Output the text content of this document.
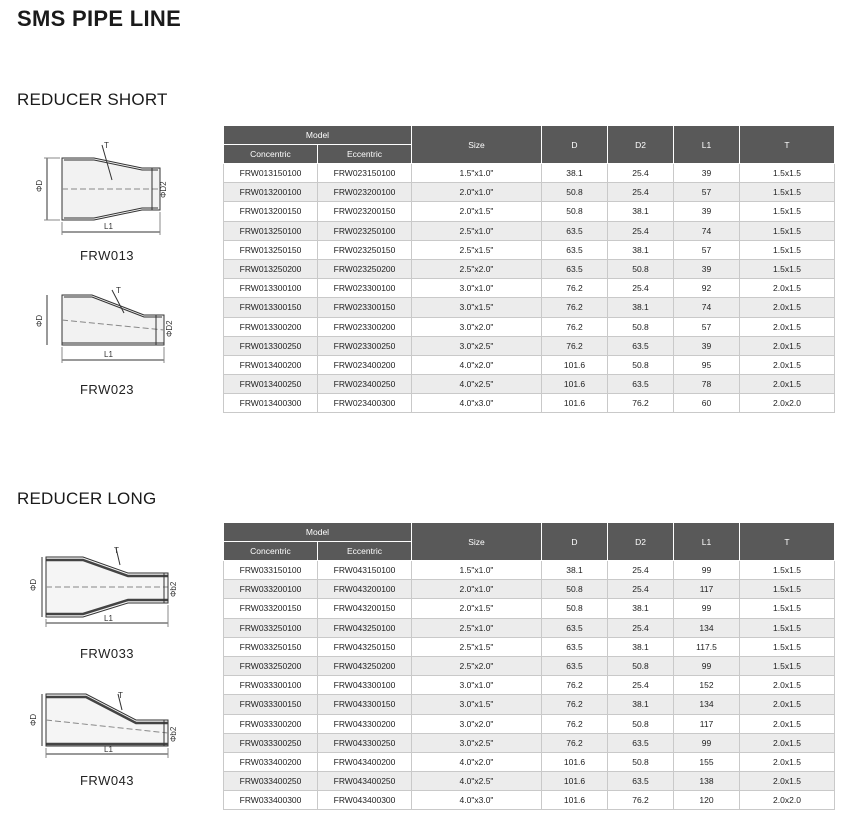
SMS PIPE LINE
REDUCER SHORT
ΦD	ΦD2
L1
T
FRW013
ΦD	ΦD2
L1
T
FRW023
Model		Size	D	D2	L1	T
Concentric	Eccentric					
FRW013150100	FRW023150100	1.5"x1.0"	38.1	25.4	39	1.5x1.5
FRW013200100	FRW023200100	2.0"x1.0"	50.8	25.4	57	1.5x1.5
FRW013200150	FRW023200150	2.0"x1.5"	50.8	38.1	39	1.5x1.5
FRW013250100	FRW023250100	2.5"x1.0"	63.5	25.4	74	1.5x1.5
FRW013250150	FRW023250150	2.5"x1.5"	63.5	38.1	57	1.5x1.5
FRW013250200	FRW023250200	2.5"x2.0"	63.5	50.8	39	1.5x1.5
FRW013300100	FRW023300100	3.0"x1.0"	76.2	25.4	92	2.0x1.5
FRW013300150	FRW023300150	3.0"x1.5"	76.2	38.1	74	2.0x1.5
FRW013300200	FRW023300200	3.0"x2.0"	76.2	50.8	57	2.0x1.5
FRW013300250	FRW023300250	3.0"x2.5"	76.2	63.5	39	2.0x1.5
FRW013400200	FRW023400200	4.0"x2.0"	101.6	50.8	95	2.0x1.5
FRW013400250	FRW023400250	4.0"x2.5"	101.6	63.5	78	2.0x1.5
FRW013400300	FRW023400300	4.0"x3.0"	101.6	76.2	60	2.0x2.0
REDUCER LONG
ΦD	Φb2
L1
T
FRW033
ΦD
Φb2
L1
T
FRW043
Model		Size	D	D2	L1	T
Concentric	Eccentric					
FRW033150100	FRW043150100	1.5"x1.0"	38.1	25.4	99	1.5x1.5
FRW033200100	FRW043200100	2.0"x1.0"	50.8	25.4	117	1.5x1.5
FRW033200150	FRW043200150	2.0"x1.5"	50.8	38.1	99	1.5x1.5
FRW033250100	FRW043250100	2.5"x1.0"	63.5	25.4	134	1.5x1.5
FRW033250150	FRW043250150	2.5"x1.5"	63.5	38.1	117.5	1.5x1.5
FRW033250200	FRW043250200	2.5"x2.0"	63.5	50.8	99	1.5x1.5
FRW033300100	FRW043300100	3.0"x1.0"	76.2	25.4	152	2.0x1.5
FRW033300150	FRW043300150	3.0"x1.5"	76.2	38.1	134	2.0x1.5
FRW033300200	FRW043300200	3.0"x2.0"	76.2	50.8	117	2.0x1.5
FRW033300250	FRW043300250	3.0"x2.5"	76.2	63.5	99	2.0x1.5
FRW033400200	FRW043400200	4.0"x2.0"	101.6	50.8	155	2.0x1.5
FRW033400250	FRW043400250	4.0"x2.5"	101.6	63.5	138	2.0x1.5
FRW033400300	FRW043400300	4.0"x3.0"	101.6	76.2	120	2.0x2.0
